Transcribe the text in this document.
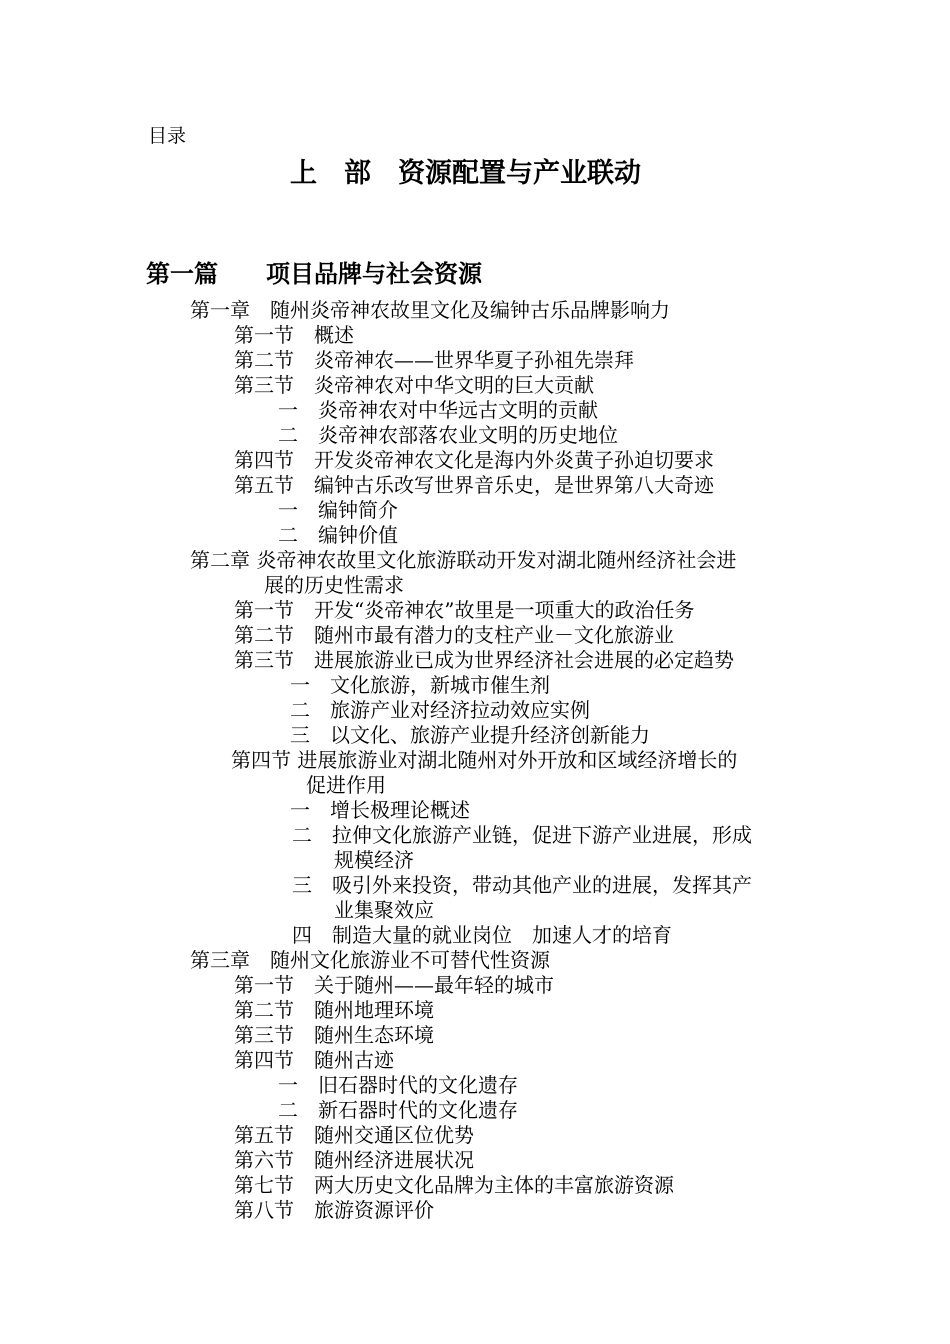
目录
上　部　资源配置与产业联动
第一篇　　项目品牌与社会资源
第一章　随州炎帝神农故里文化及编钟古乐品牌影响力
第一节　概述
第二节　炎帝神农——世界华夏子孙祖先崇拜
第三节　炎帝神农对中华文明的巨大贡献
一　炎帝神农对中华远古文明的贡献
二　炎帝神农部落农业文明的历史地位
第四节　开发炎帝神农文化是海内外炎黄子孙迫切要求
第五节　编钟古乐改写世界音乐史，是世界第八大奇迹
一　编钟简介
二　编钟价值
第二章 炎帝神农故里文化旅游联动开发对湖北随州经济社会进
展的历史性需求
第一节　开发“炎帝神农”故里是一项重大的政治任务
第二节　随州市最有潜力的支柱产业－文化旅游业
第三节　进展旅游业已成为世界经济社会进展的必定趋势
一　文化旅游，新城市催生剂
二　旅游产业对经济拉动效应实例
三　以文化、旅游产业提升经济创新能力
第四节 进展旅游业对湖北随州对外开放和区域经济增长的
促进作用
一　增长极理论概述
二　拉伸文化旅游产业链，促进下游产业进展，形成
规模经济
三　吸引外来投资，带动其他产业的进展，发挥其产
业集聚效应
四　制造大量的就业岗位　加速人才的培育
第三章　随州文化旅游业不可替代性资源
第一节　关于随州——最年轻的城市
第二节　随州地理环境
第三节　随州生态环境
第四节　随州古迹
一　旧石器时代的文化遗存
二　新石器时代的文化遗存
第五节　随州交通区位优势
第六节　随州经济进展状况
第七节　两大历史文化品牌为主体的丰富旅游资源
第八节　旅游资源评价
